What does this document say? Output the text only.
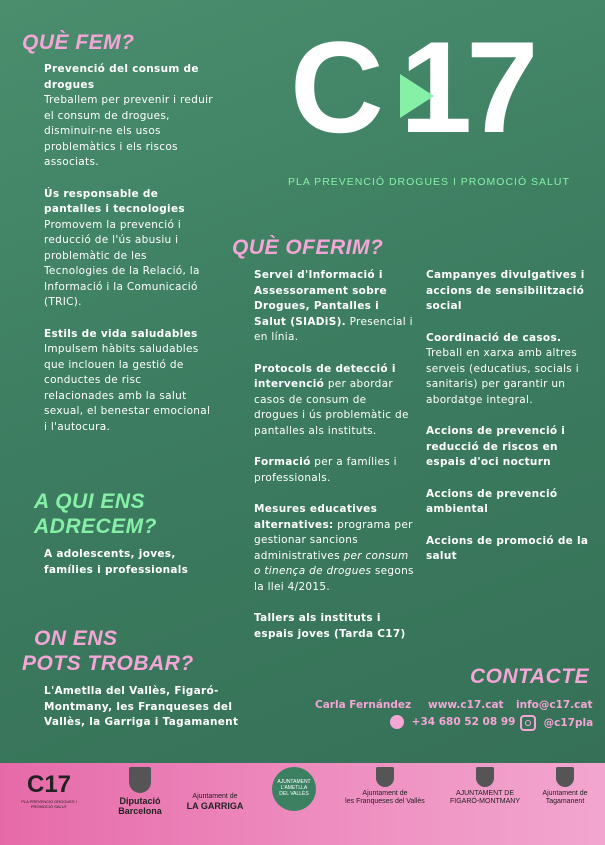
QUÈ FEM?
Prevenció del consum de drogues
Treballem per prevenir i reduir el consum de drogues, disminuir-ne els usos problemàtics i els riscos associats.
Ús responsable de pantalles i tecnologies
Promovem la prevenció i reducció de l'ús abusiu i problemàtic de les Tecnologies de la Relació, la Informació i la Comunicació (TRIC).
Estils de vida saludables
Impulsem hàbits saludables que inclouen la gestió de conductes de risc relacionades amb la salut sexual, el benestar emocional i l'autocura.
C 17
PLA PREVENCIÓ DROGUES I PROMOCIÓ SALUT
QUÈ OFERIM?
Servei d'Informació i Assessorament sobre Drogues, Pantalles i Salut (SIADiS). Presencial i en línia.
Protocols de detecció i intervenció per abordar casos de consum de drogues i ús problemàtic de pantalles als instituts.
Formació per a famílies i professionals.
Mesures educatives alternatives: programa per gestionar sancions administratives per consum o tinença de drogues segons la llei 4/2015.
Tallers als instituts i espais joves (Tarda C17)
Campanyes divulgatives i accions de sensibilització social
Coordinació de casos. Treball en xarxa amb altres serveis (educatius, socials i sanitaris) per garantir un abordatge integral.
Accions de prevenció i reducció de riscos en espais d'oci nocturn
Accions de prevenció ambiental
Accions de promoció de la salut
A QUI ENS
ADRECEM?
A adolescents, joves, famílies i professionals
ON ENS
POTS TROBAR?
L'Ametlla del Vallès, Figaró-Montmany, les Franqueses del Vallès, la Garriga i Tagamanent
CONTACTE
Carla Fernández www.c17.cat info@c17.cat
+34 680 52 08 99	@c17pla
C17
PLA PREVENCIÓ DROGUES I PROMOCIÓ SALUT
Diputació
Barcelona
Ajuntament de
LA GARRIGA
AJUNTAMENT
L'AMETLLA
DEL VALLÈS	Ajuntament de
les Franqueses del Vallès
AJUNTAMENT DE
FIGARÓ-MONTMANY
Ajuntament de
Tagamanent
